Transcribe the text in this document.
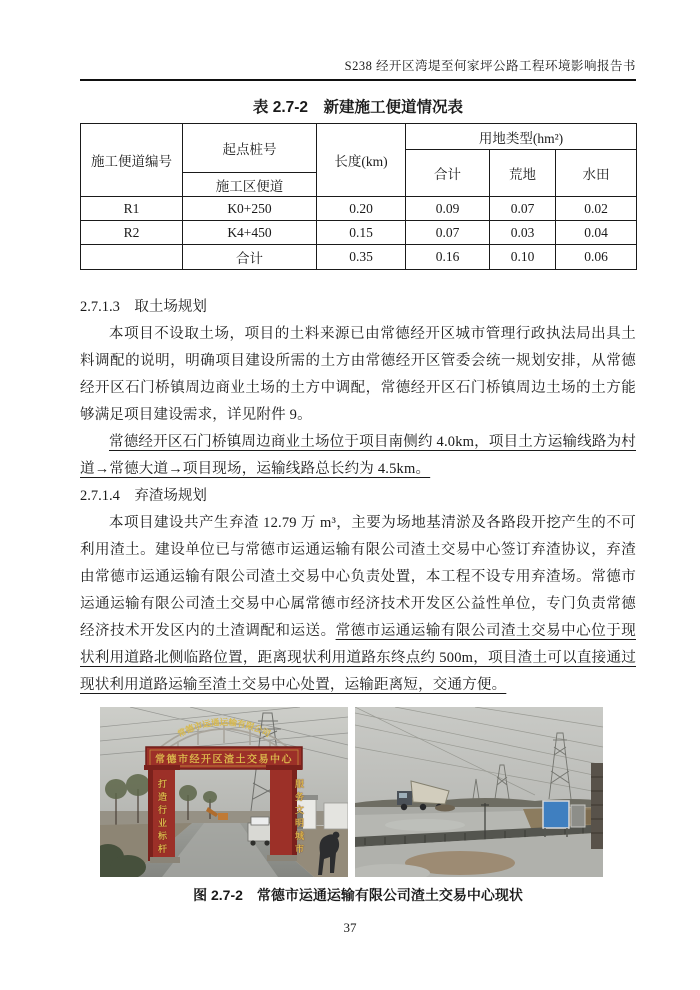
S238 经开区湾堤至何家坪公路工程环境影响报告书
表 2.7-2　新建施工便道情况表
施工便道编号	起点桩号	长度(km)	用地类型(hm²)		
			合计	荒地	水田
	施工区便道				
R1	K0+250	0.20	0.09	0.07	0.02
R2	K4+450	0.15	0.07	0.03	0.04
	合计	0.35	0.16	0.10	0.06
2.7.1.3　取土场规划

本项目不设取土场，项目的土料来源已由常德经开区城市管理行政执法局出具土料调配的说明，明确项目建设所需的土方由常德经开区管委会统一规划安排，从常德经开区石门桥镇周边商业土场的土方中调配，常德经开区石门桥镇周边土场的土方能够满足项目建设需求，详见附件 9。

常德经开区石门桥镇周边商业土场位于项目南侧约 4.0km，项目土方运输线路为村道→常德大道→项目现场，运输线路总长约为 4.5km。

2.7.1.4　弃渣场规划

本项目建设共产生弃渣 12.79 万 m³，主要为场地基清淤及各路段开挖产生的不可利用渣土。建设单位已与常德市运通运输有限公司渣土交易中心签订弃渣协议，弃渣由常德市运通运输有限公司渣土交易中心负责处置，本工程不设专用弃渣场。常德市运通运输有限公司渣土交易中心属常德市经济技术开发区公益性单位，专门负责常德经济技术开发区内的土渣调配和运送。常德市运通运输有限公司渣土交易中心位于现状利用道路北侧临路位置，距离现状利用道路东终点约 500m，项目渣土可以直接通过现状利用道路运输至渣土交易中心处置，运输距离短，交通方便。

常德市运通运输有限公司
常德市经开区渣土交易中心
打造行业标杆	服务文明城市
图 2.7-2　常德市运通运输有限公司渣土交易中心现状
37
